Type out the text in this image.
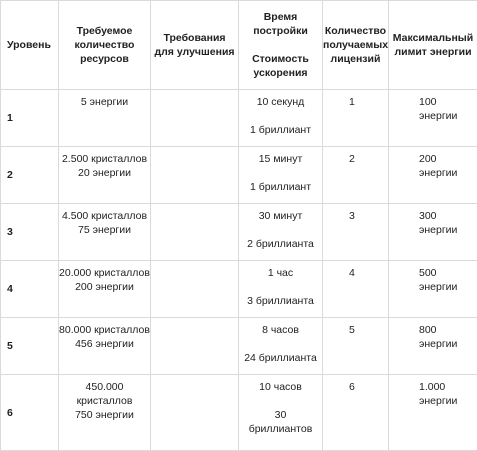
Уровень	Требуемое
количество
ресурсов	Требования
для улучшения	Время
постройки
Стоимость
ускорения	Количество
получаемых
лицензий	Максимальный
лимит энергии

1	5 энергии		10 секунд
1 бриллиант	1	100 энергии

2	2.500 кристаллов
20 энергии		15 минут
1 бриллиант	2	200 энергии

3	4.500 кристаллов
75 энергии		30 минут
2 бриллианта	3	300 энергии

4	20.000 кристаллов
200 энергии		1 час
3 бриллианта	4	500 энергии

5	80.000 кристаллов
456 энергии		8 часов
24 бриллианта	5	800 энергии

6	450.000
кристаллов
750 энергии		10 часов
30
бриллиантов	6	1.000 энергии
